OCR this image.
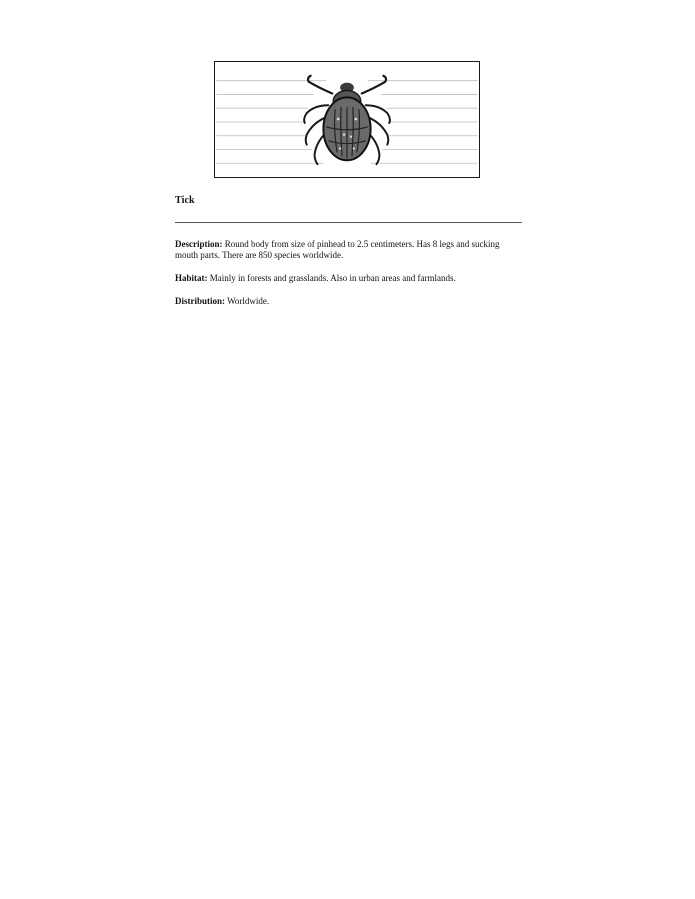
Tick
Description: Round body from size of pinhead to 2.5 centimeters. Has 8 legs and sucking mouth parts. There are 850 species worldwide.
Habitat: Mainly in forests and grasslands. Also in urban areas and farmlands.
Distribution: Worldwide.
